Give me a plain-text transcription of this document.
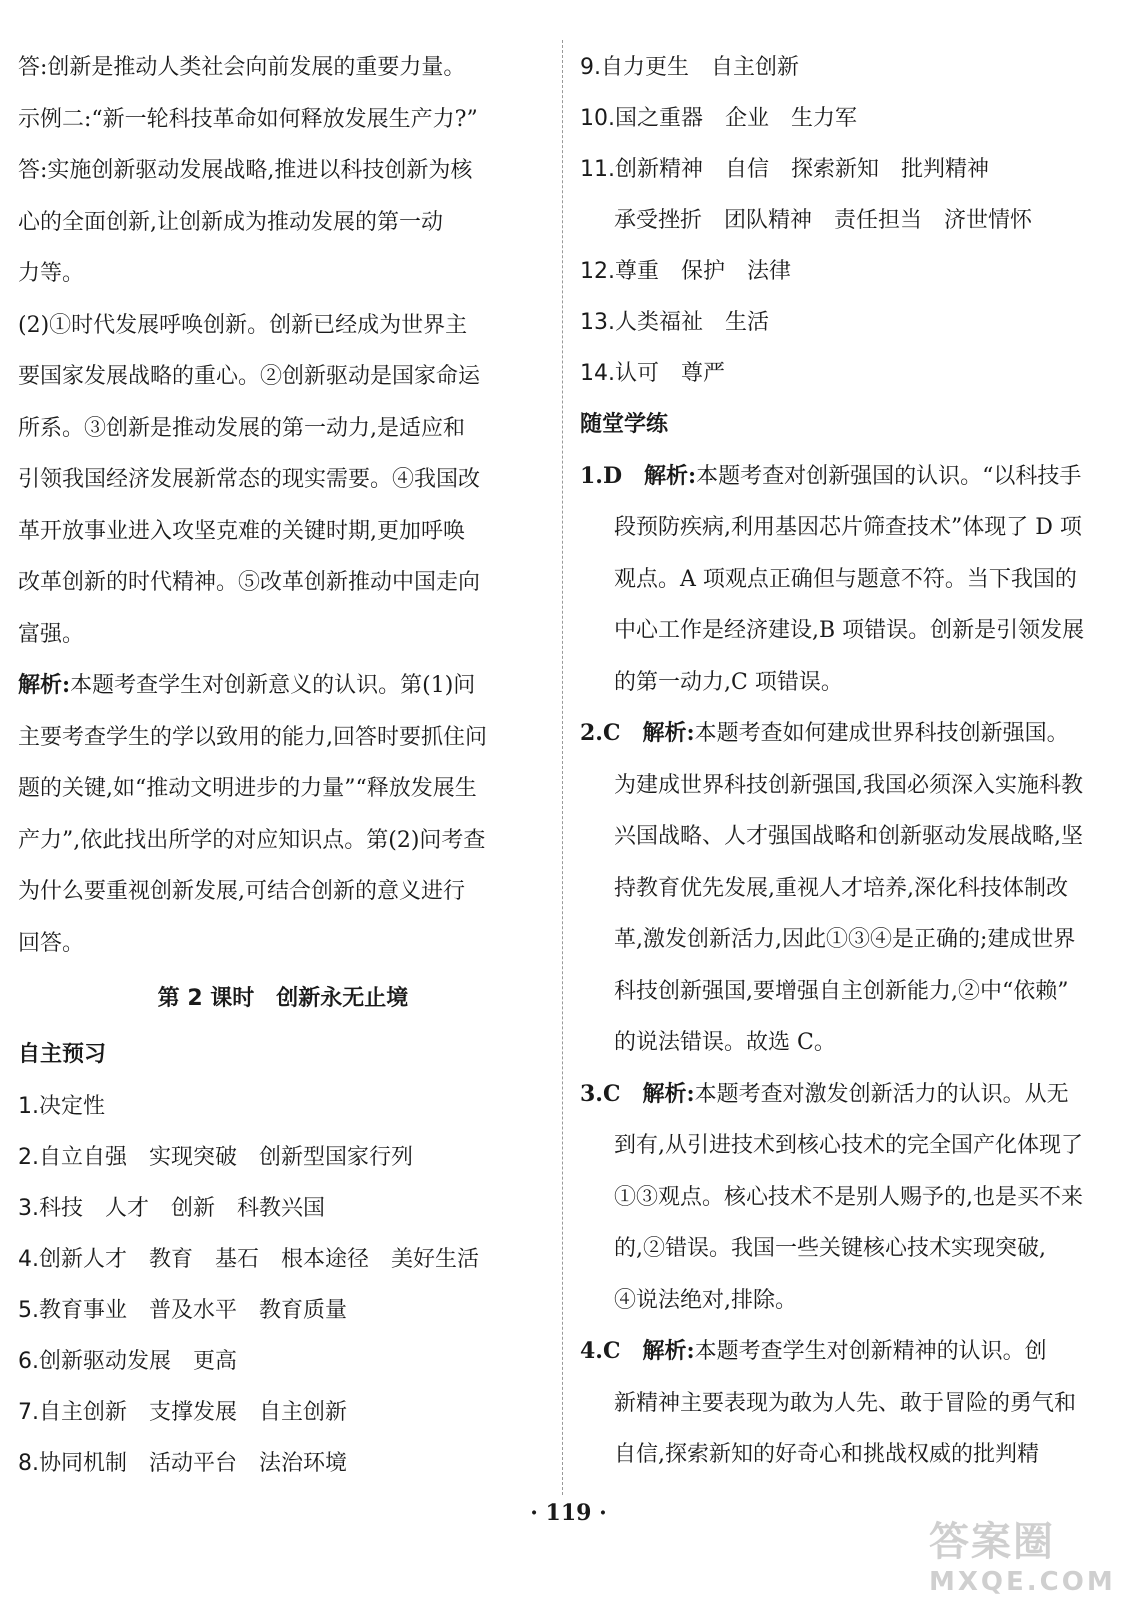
答:创新是推动人类社会向前发展的重要力量。
示例二:“新一轮科技革命如何释放发展生产力?”
答:实施创新驱动发展战略,推进以科技创新为核
心的全面创新,让创新成为推动发展的第一动
力等。
(2)①时代发展呼唤创新。创新已经成为世界主
要国家发展战略的重心。②创新驱动是国家命运
所系。③创新是推动发展的第一动力,是适应和
引领我国经济发展新常态的现实需要。④我国改
革开放事业进入攻坚克难的关键时期,更加呼唤
改革创新的时代精神。⑤改革创新推动中国走向
富强。
解析:本题考查学生对创新意义的认识。第(1)问
主要考查学生的学以致用的能力,回答时要抓住问
题的关键,如“推动文明进步的力量”“释放发展生
产力”,依此找出所学的对应知识点。第(2)问考查
为什么要重视创新发展,可结合创新的意义进行
回答。
第 2 课时　创新永无止境
自主预习
1.决定性
2.自立自强　实现突破　创新型国家行列
3.科技　人才　创新　科教兴国
4.创新人才　教育　基石　根本途径　美好生活
5.教育事业　普及水平　教育质量
6.创新驱动发展　更高
7.自主创新　支撑发展　自主创新
8.协同机制　活动平台　法治环境
9.自力更生　自主创新
10.国之重器　企业　生力军
11.创新精神　自信　探索新知　批判精神
承受挫折　团队精神　责任担当　济世情怀
12.尊重　保护　法律
13.人类福祉　生活
14.认可　尊严
随堂学练
1.D　解析:本题考查对创新强国的认识。“以科技手
段预防疾病,利用基因芯片筛查技术”体现了 D 项
观点。A 项观点正确但与题意不符。当下我国的
中心工作是经济建设,B 项错误。创新是引领发展
的第一动力,C 项错误。
2.C　解析:本题考查如何建成世界科技创新强国。
为建成世界科技创新强国,我国必须深入实施科教
兴国战略、人才强国战略和创新驱动发展战略,坚
持教育优先发展,重视人才培养,深化科技体制改
革,激发创新活力,因此①③④是正确的;建成世界
科技创新强国,要增强自主创新能力,②中“依赖”
的说法错误。故选 C。
3.C　解析:本题考查对激发创新活力的认识。从无
到有,从引进技术到核心技术的完全国产化体现了
①③观点。核心技术不是别人赐予的,也是买不来
的,②错误。我国一些关键核心技术实现突破,
④说法绝对,排除。
4.C　解析:本题考查学生对创新精神的认识。创
新精神主要表现为敢为人先、敢于冒险的勇气和
自信,探索新知的好奇心和挑战权威的批判精
· 119 ·
答案圈
MXQE.COM
